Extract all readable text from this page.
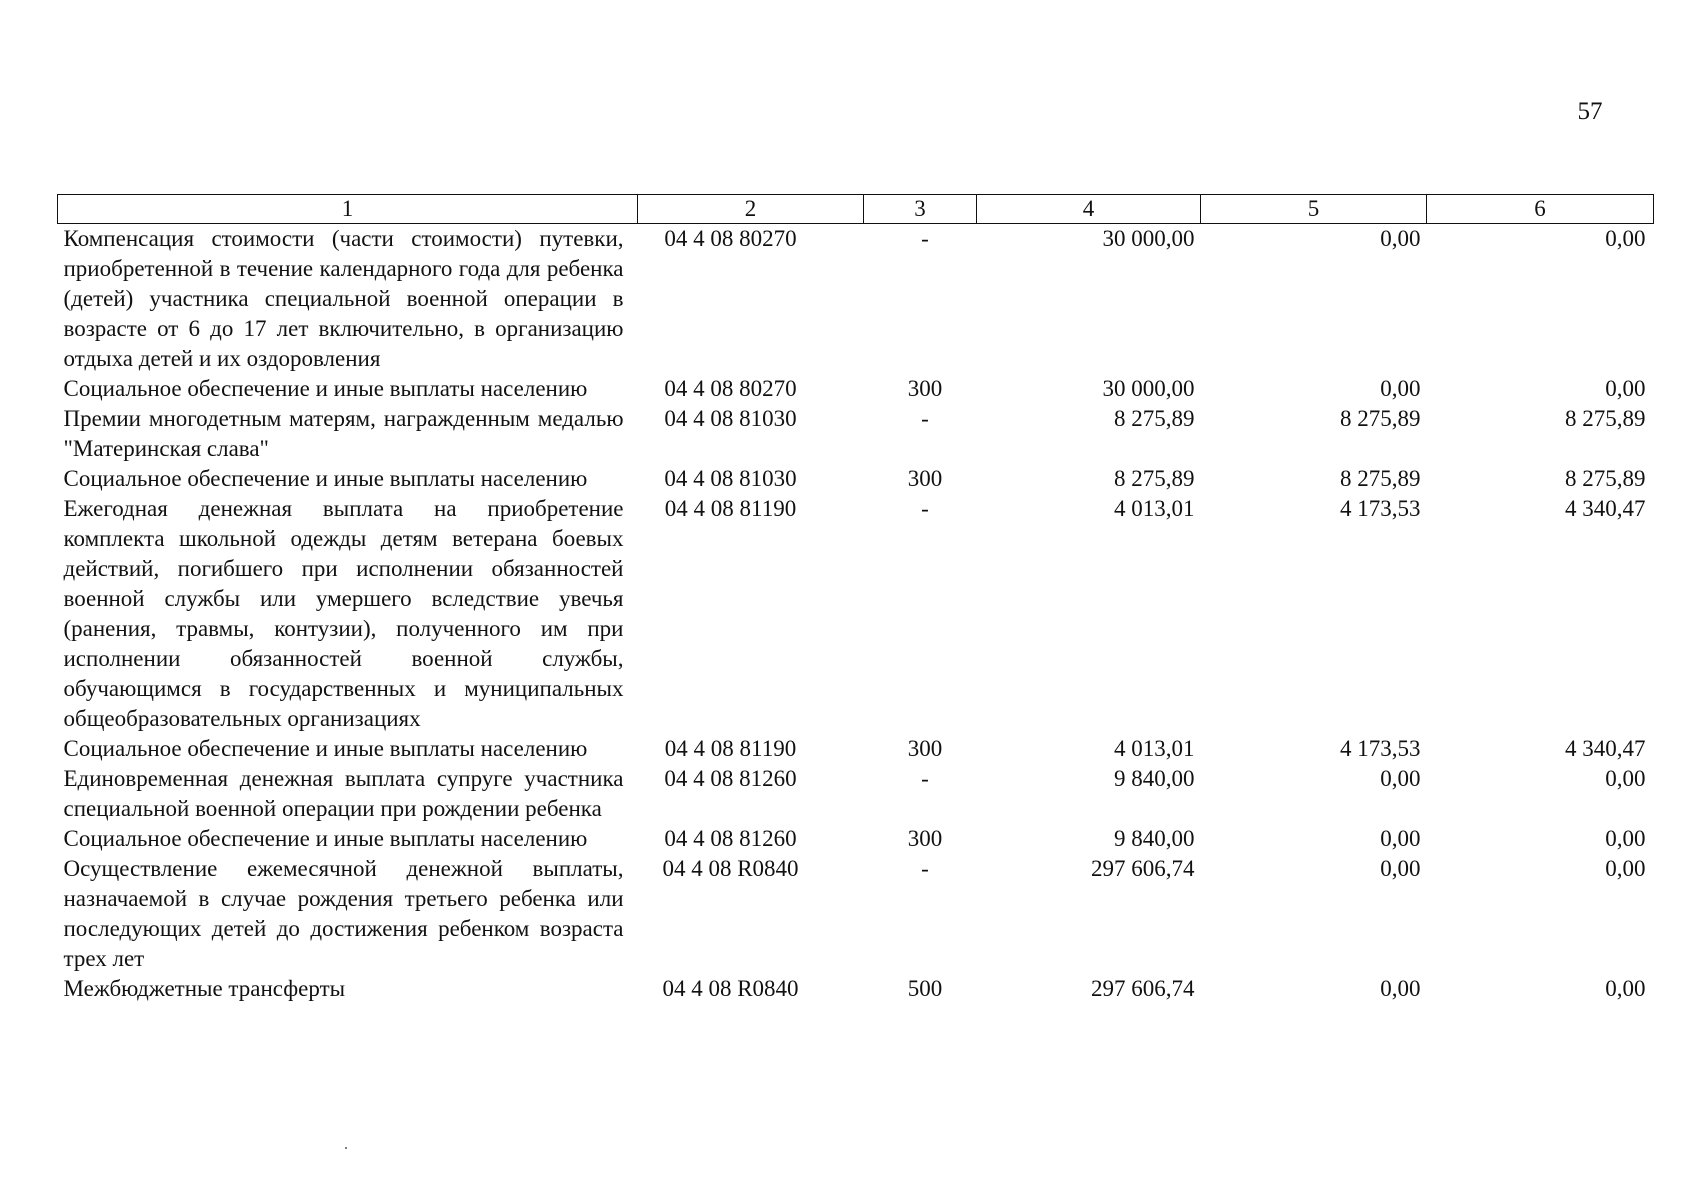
57
1	2	3	4	5	6
Компенсация стоимости (части стоимости) путевки, приобретенной в течение календарного года для ребенка (детей) участника специальной военной операции в возрасте от 6 до 17 лет включительно, в организацию отдыха детей и их оздоровления	04 4 08 80270	-	30 000,00	0,00	0,00
Социальное обеспечение и иные выплаты населению	04 4 08 80270	300	30 000,00	0,00	0,00
Премии многодетным матерям, награжденным медалью "Материнская слава"	04 4 08 81030	-	8 275,89	8 275,89	8 275,89
Социальное обеспечение и иные выплаты населению	04 4 08 81030	300	8 275,89	8 275,89	8 275,89
Ежегодная денежная выплата на приобретение комплекта школьной одежды детям ветерана боевых действий, погибшего при исполнении обязанностей военной службы или умершего вследствие увечья (ранения, травмы, контузии), полученного им при исполнении обязанностей военной службы, обучающимся в государственных и муниципальных общеобразовательных организациях	04 4 08 81190	-	4 013,01	4 173,53	4 340,47
Социальное обеспечение и иные выплаты населению	04 4 08 81190	300	4 013,01	4 173,53	4 340,47
Единовременная денежная выплата супруге участника специальной военной операции при рождении ребенка	04 4 08 81260	-	9 840,00	0,00	0,00
Социальное обеспечение и иные выплаты населению	04 4 08 81260	300	9 840,00	0,00	0,00
Осуществление ежемесячной денежной выплаты, назначаемой в случае рождения третьего ребенка или последующих детей до достижения ребенком возраста трех лет	04 4 08 R0840	-	297 606,74	0,00	0,00
Межбюджетные трансферты	04 4 08 R0840	500	297 606,74	0,00	0,00
